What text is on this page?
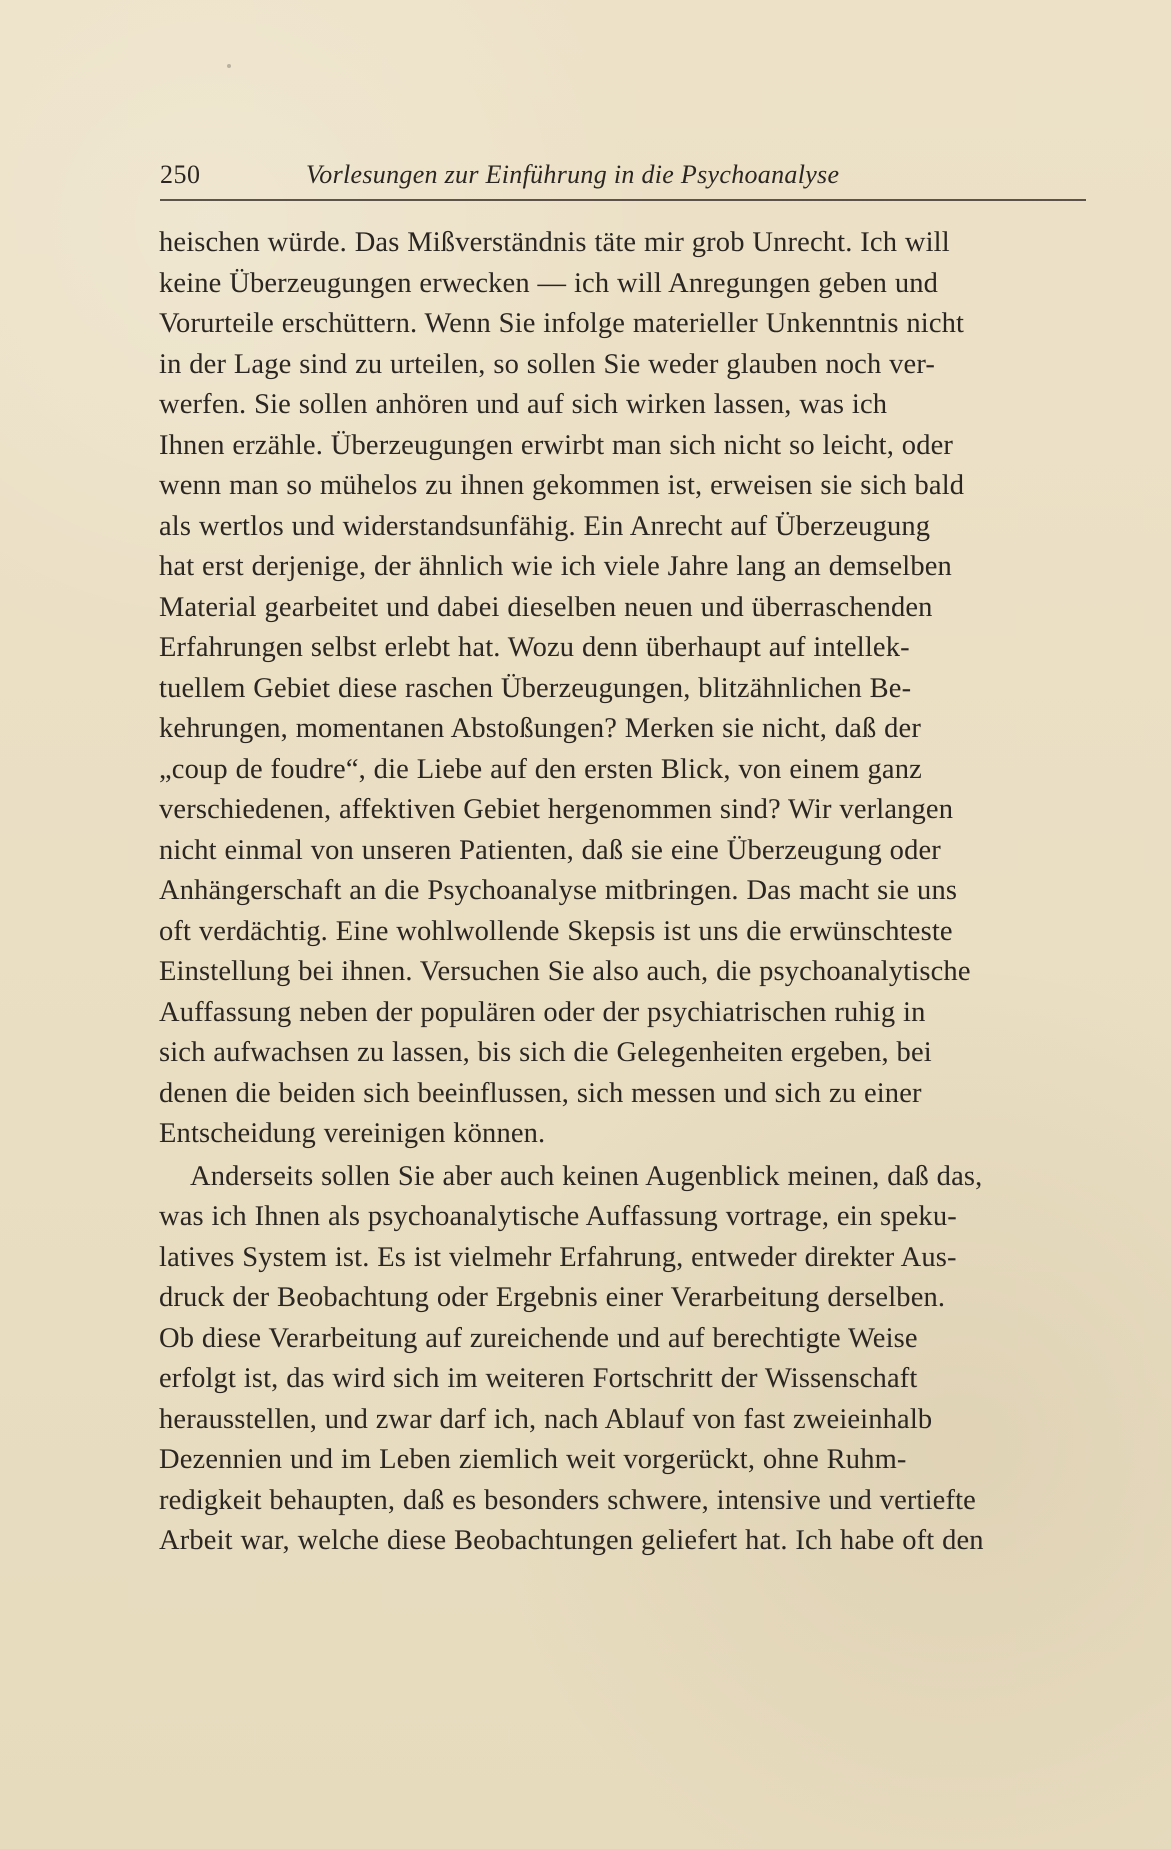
250	Vorlesungen zur Einführung in die Psychoanalyse
heischen würde. Das Mißverständnis täte mir grob Unrecht. Ich will
keine Überzeugungen erwecken — ich will Anregungen geben und
Vorurteile erschüttern. Wenn Sie infolge materieller Unkenntnis nicht
in der Lage sind zu urteilen, so sollen Sie weder glauben noch ver-
werfen. Sie sollen anhören und auf sich wirken lassen, was ich
Ihnen erzähle. Überzeugungen erwirbt man sich nicht so leicht, oder
wenn man so mühelos zu ihnen gekommen ist, erweisen sie sich bald
als wertlos und widerstandsunfähig. Ein Anrecht auf Überzeugung
hat erst derjenige, der ähnlich wie ich viele Jahre lang an demselben
Material gearbeitet und dabei dieselben neuen und überraschenden
Erfahrungen selbst erlebt hat. Wozu denn überhaupt auf intellek-
tuellem Gebiet diese raschen Überzeugungen, blitzähnlichen Be-
kehrungen, momentanen Abstoßungen? Merken sie nicht, daß der
„coup de foudre“, die Liebe auf den ersten Blick, von einem ganz
verschiedenen, affektiven Gebiet hergenommen sind? Wir verlangen
nicht einmal von unseren Patienten, daß sie eine Überzeugung oder
Anhängerschaft an die Psychoanalyse mitbringen. Das macht sie uns
oft verdächtig. Eine wohlwollende Skepsis ist uns die erwünschteste
Einstellung bei ihnen. Versuchen Sie also auch, die psychoanalytische
Auffassung neben der populären oder der psychiatrischen ruhig in
sich aufwachsen zu lassen, bis sich die Gelegenheiten ergeben, bei
denen die beiden sich beeinflussen, sich messen und sich zu einer
Entscheidung vereinigen können.
Anderseits sollen Sie aber auch keinen Augenblick meinen, daß das,
was ich Ihnen als psychoanalytische Auffassung vortrage, ein speku-
latives System ist. Es ist vielmehr Erfahrung, entweder direkter Aus-
druck der Beobachtung oder Ergebnis einer Verarbeitung derselben.
Ob diese Verarbeitung auf zureichende und auf berechtigte Weise
erfolgt ist, das wird sich im weiteren Fortschritt der Wissenschaft
herausstellen, und zwar darf ich, nach Ablauf von fast zweieinhalb
Dezennien und im Leben ziemlich weit vorgerückt, ohne Ruhm-
redigkeit behaupten, daß es besonders schwere, intensive und vertiefte
Arbeit war, welche diese Beobachtungen geliefert hat. Ich habe oft den
